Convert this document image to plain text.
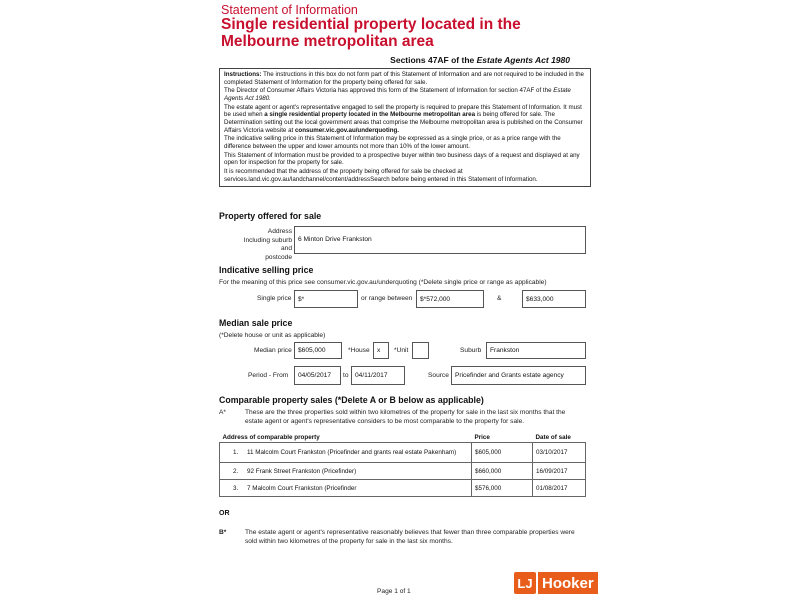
Statement of Information
Single residential property located in the Melbourne metropolitan area
Sections 47AF of the Estate Agents Act 1980

Instructions: The instructions in this box do not form part of this Statement of Information and are not required to be included in the completed Statement of Information for the property being offered for sale.

The Director of Consumer Affairs Victoria has approved this form of the Statement of Information for section 47AF of the Estate Agents Act 1980.

The estate agent or agent's representative engaged to sell the property is required to prepare this Statement of Information. It must be used when a single residential property located in the Melbourne metropolitan area is being offered for sale. The Determination setting out the local government areas that comprise the Melbourne metropolitan area is published on the Consumer Affairs Victoria website at consumer.vic.gov.au/underquoting.

The indicative selling price in this Statement of Information may be expressed as a single price, or as a price range with the difference between the upper and lower amounts not more than 10% of the lower amount.

This Statement of Information must be provided to a prospective buyer within two business days of a request and displayed at any open for inspection for the property for sale.

It is recommended that the address of the property being offered for sale be checked at services.land.vic.gov.au/landchannel/content/addressSearch before being entered in this Statement of Information.

Property offered for sale
Address
Including suburb and
postcode
6 Minton Drive Frankston
Indicative selling price
For the meaning of this price see consumer.vic.gov.au/underquoting (*Delete single price or range as applicable)
Single price $*	or range between	$*572,000	&	$633,000
Median sale price
(*Delete house or unit as applicable)
Median price $605,000	*House	x	*Unit	Suburb	Frankston
Period - From	04/05/2017	to 04/11/2017	Source Pricefinder and Grants estate agency
Comparable property sales (*Delete A or B below as applicable)
A*	These are the three properties sold within two kilometres of the property for sale in the last six months that the estate agent or agent's representative considers to be most comparable to the property for sale.
Address of comparable property	Price	Date of sale
1. 11 Malcolm Court Frankston (Pricefinder and grants real estate Pakenham)	$605,000	03/10/2017
2. 92 Frank Street Frankston (Pricefinder)	$660,000	16/09/2017
3. 7 Malcolm Court Frankston (Pricefinder	$576,000	01/08/2017
OR
B*	The estate agent or agent's representative reasonably believes that fewer than three comparable properties were sold within two kilometres of the property for sale in the last six months.
Page 1 of 1
LJ Hooker
